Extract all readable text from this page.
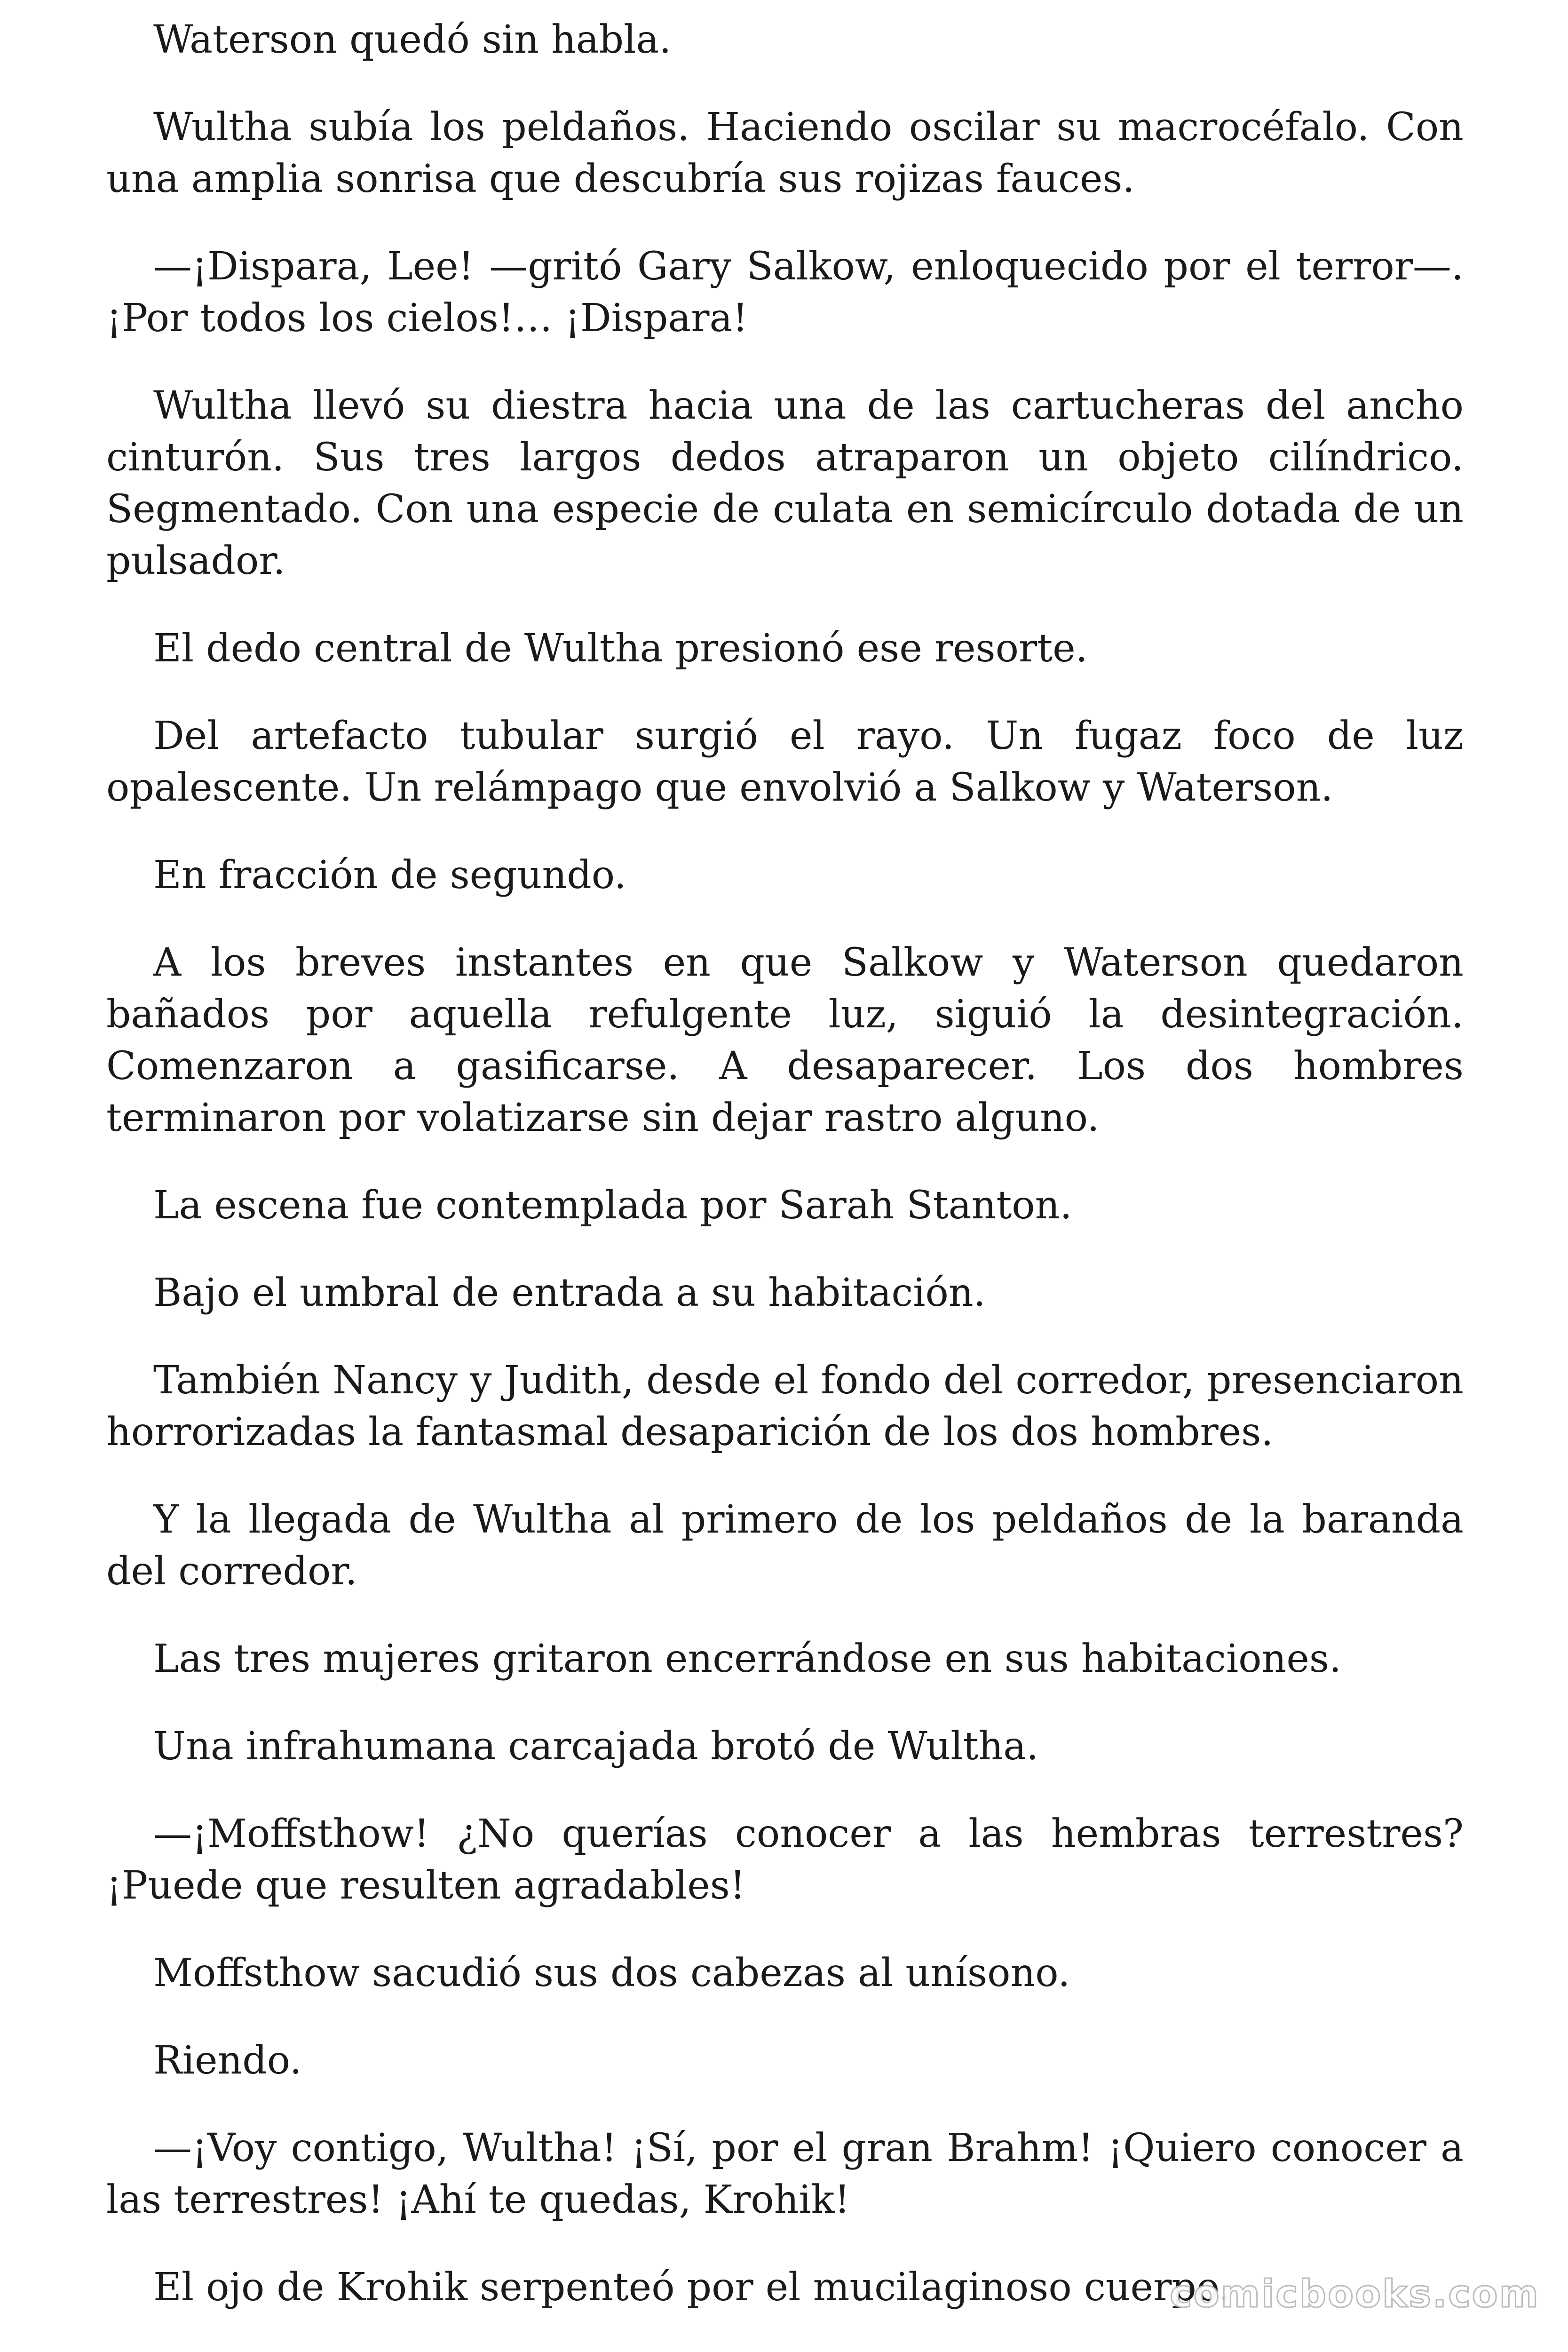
Waterson quedó sin habla.

Wultha subía los peldaños. Haciendo oscilar su macrocéfalo. Con una amplia sonrisa que descubría sus rojizas fauces.

—¡Dispara, Lee! —gritó Gary Salkow, enloquecido por el terror—. ¡Por todos los cielos!… ¡Dispara!

Wultha llevó su diestra hacia una de las cartucheras del ancho cinturón. Sus tres largos dedos atraparon un objeto cilíndrico. Segmentado. Con una especie de culata en semicírculo dotada de un pulsador.

El dedo central de Wultha presionó ese resorte.

Del artefacto tubular surgió el rayo. Un fugaz foco de luz opalescente. Un relámpago que envolvió a Salkow y Waterson.

En fracción de segundo.

A los breves instantes en que Salkow y Waterson quedaron bañados por aquella refulgente luz, siguió la desintegración. Comenzaron a gasificarse. A desaparecer. Los dos hombres terminaron por volatizarse sin dejar rastro alguno.

La escena fue contemplada por Sarah Stanton.

Bajo el umbral de entrada a su habitación.

También Nancy y Judith, desde el fondo del corredor, presenciaron horrorizadas la fantasmal desaparición de los dos hombres.

Y la llegada de Wultha al primero de los peldaños de la baranda del corredor.

Las tres mujeres gritaron encerrándose en sus habitaciones.

Una infrahumana carcajada brotó de Wultha.

—¡Moffsthow! ¿No querías conocer a las hembras terrestres? ¡Puede que resulten agradables!

Moffsthow sacudió sus dos cabezas al unísono.

Riendo.

—¡Voy contigo, Wultha! ¡Sí, por el gran Brahm! ¡Quiero conocer a las terrestres! ¡Ahí te quedas, Krohik!

El ojo de Krohik serpenteó por el mucilaginoso cuerpo.

comicbooks.com
